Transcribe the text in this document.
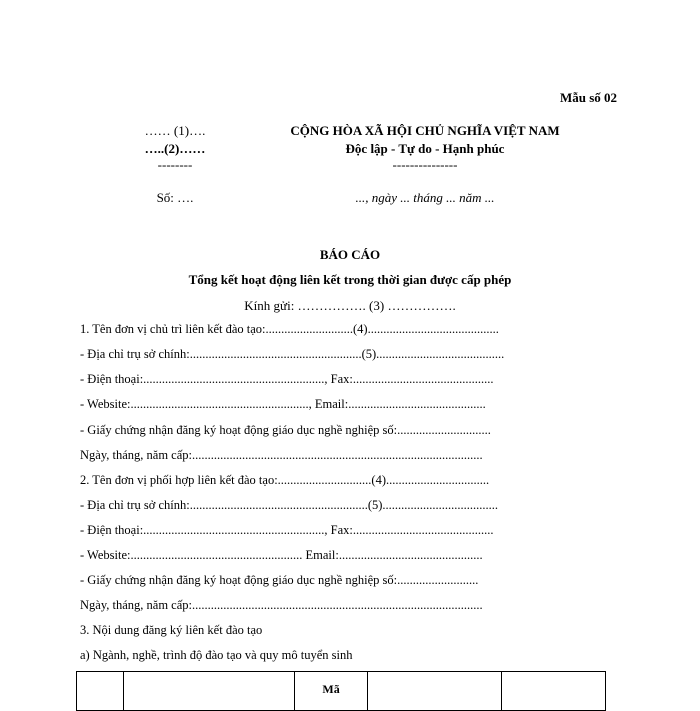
Mẫu số 02
…… (1)….
…..(2)……
--------
Số: ….
CỘNG HÒA XÃ HỘI CHỦ NGHĨA VIỆT NAM
Độc lập - Tự do - Hạnh phúc
---------------
..., ngày ... tháng ... năm ...
BÁO CÁO
Tổng kết hoạt động liên kết trong thời gian được cấp phép
Kính gửi: ……………. (3) …………….
1. Tên đơn vị chủ trì liên kết đào tạo:............................(4)..........................................
- Địa chỉ trụ sở chính:.......................................................(5).........................................
- Điện thoại:.........................................................., Fax:.............................................
- Website:........................................................., Email:............................................
- Giấy chứng nhận đăng ký hoạt động giáo dục nghề nghiệp số:..............................
Ngày, tháng, năm cấp:.............................................................................................
2. Tên đơn vị phối hợp liên kết đào tạo:..............................(4).................................
- Địa chỉ trụ sở chính:.........................................................(5).....................................
- Điện thoại:.........................................................., Fax:.............................................
- Website:....................................................... Email:..............................................
- Giấy chứng nhận đăng ký hoạt động giáo dục nghề nghiệp số:..........................
Ngày, tháng, năm cấp:.............................................................................................
3. Nội dung đăng ký liên kết đào tạo
a) Ngành, nghề, trình độ đào tạo và quy mô tuyển sinh
		Mã		
